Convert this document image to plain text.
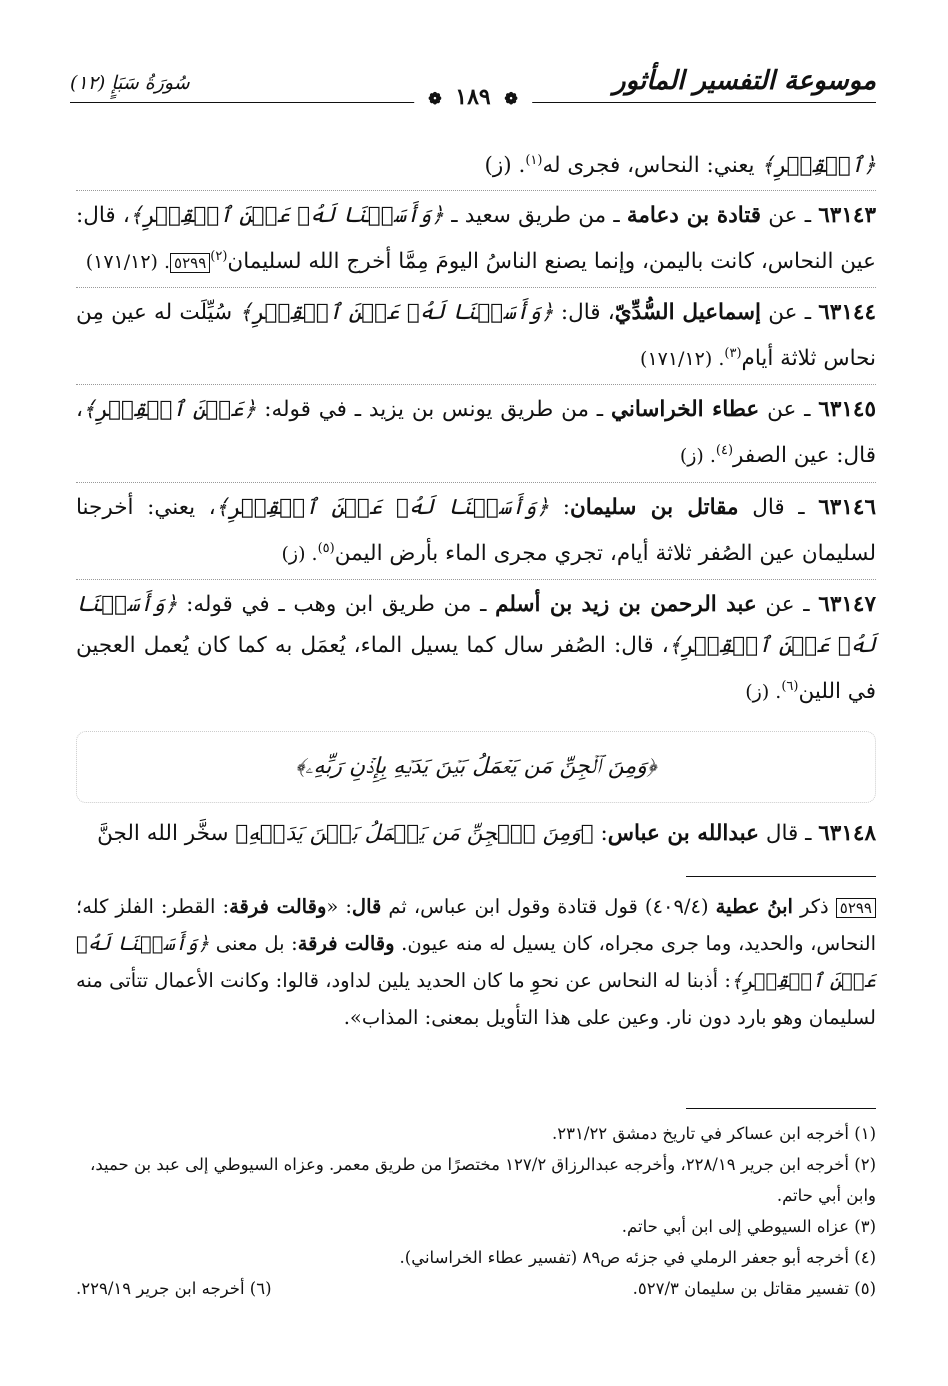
موسوعة التفسير المأثور
❁ ١٨٩ ❁
سُورَةُ سَبَإٍ (١٢)

﴿ٱلۡقِطۡرِ﴾ يعني: النحاس، فجرى له$^{(١)}$. (ز)

٦٣١٤٣ ـ عن قتادة بن دعامة ـ من طريق سعيد ـ ﴿وَأَسَلۡنَا لَهُۥ عَيۡنَ ٱلۡقِطۡرِ﴾، قال: عين النحاس، كانت باليمن، وإنما يصنع الناسُ اليومَ مِمَّا أخرج الله لسليمان$^{(٢)}$٥٢٩٩. (١٧١/١٢)

٦٣١٤٤ ـ عن إسماعيل السُّدِّيّ، قال: ﴿وَأَسَلۡنَا لَهُۥ عَيۡنَ ٱلۡقِطۡرِ﴾ سُيِّلَت له عين مِن نحاس ثلاثة أيام$^{(٣)}$. (١٧١/١٢)

٦٣١٤٥ ـ عن عطاء الخراساني ـ من طريق يونس بن يزيد ـ في قوله: ﴿عَيۡنَ ٱلۡقِطۡرِ﴾، قال: عين الصفر$^{(٤)}$. (ز)

٦٣١٤٦ ـ قال مقاتل بن سليمان: ﴿وَأَسَلۡنَا لَهُۥ عَيۡنَ ٱلۡقِطۡرِ﴾، يعني: أخرجنا لسليمان عين الصُفر ثلاثة أيام، تجري مجرى الماء بأرض اليمن$^{(٥)}$. (ز)

٦٣١٤٧ ـ عن عبد الرحمن بن زيد بن أسلم ـ من طريق ابن وهب ـ في قوله: ﴿وَأَسَلۡنَا لَهُۥ عَيۡنَ ٱلۡقِطۡرِ﴾، قال: الصُفر سال كما يسيل الماء، يُعمَل به كما كان يُعمل العجين في اللين$^{(٦)}$. (ز)

﴿وَمِنَ ٱلۡجِنِّ مَن يَعۡمَلُ بَيۡنَ يَدَيۡهِ بِإِذۡنِ رَبِّهِۦ﴾

٦٣١٤٨ ـ قال عبدالله بن عباس: ﴿وَمِنَ ٱلۡجِنِّ مَن يَعۡمَلُ بَيۡنَ يَدَيۡهِ﴾ سخَّر الله الجنَّ

٥٢٩٩ ذكر ابنُ عطية (٤٠٩/٤) قول قتادة وقول ابن عباس، ثم قال: «وقالت فرقة: القطر: الفلز كله؛ النحاس، والحديد، وما جرى مجراه، كان يسيل له منه عيون. وقالت فرقة: بل معنى ﴿وَأَسَلۡنَا لَهُۥ عَيۡنَ ٱلۡقِطۡرِ﴾: أذبنا له النحاس عن نحوِ ما كان الحديد يلين لداود، قالوا: وكانت الأعمال تتأتى منه لسليمان وهو بارد دون نار. وعين على هذا التأويل بمعنى: المذاب».
(١) أخرجه ابن عساكر في تاريخ دمشق ٢٣١/٢٢.
(٢) أخرجه ابن جرير ٢٢٨/١٩، وأخرجه عبدالرزاق ١٢٧/٢ مختصرًا من طريق معمر. وعزاه السيوطي إلى عبد بن حميد، وابن أبي حاتم.
(٣) عزاه السيوطي إلى ابن أبي حاتم.
(٤) أخرجه أبو جعفر الرملي في جزئه ص٨٩ (تفسير عطاء الخراساني).
(٥) تفسير مقاتل بن سليمان ٥٢٧/٣.
(٦) أخرجه ابن جرير ٢٢٩/١٩.
